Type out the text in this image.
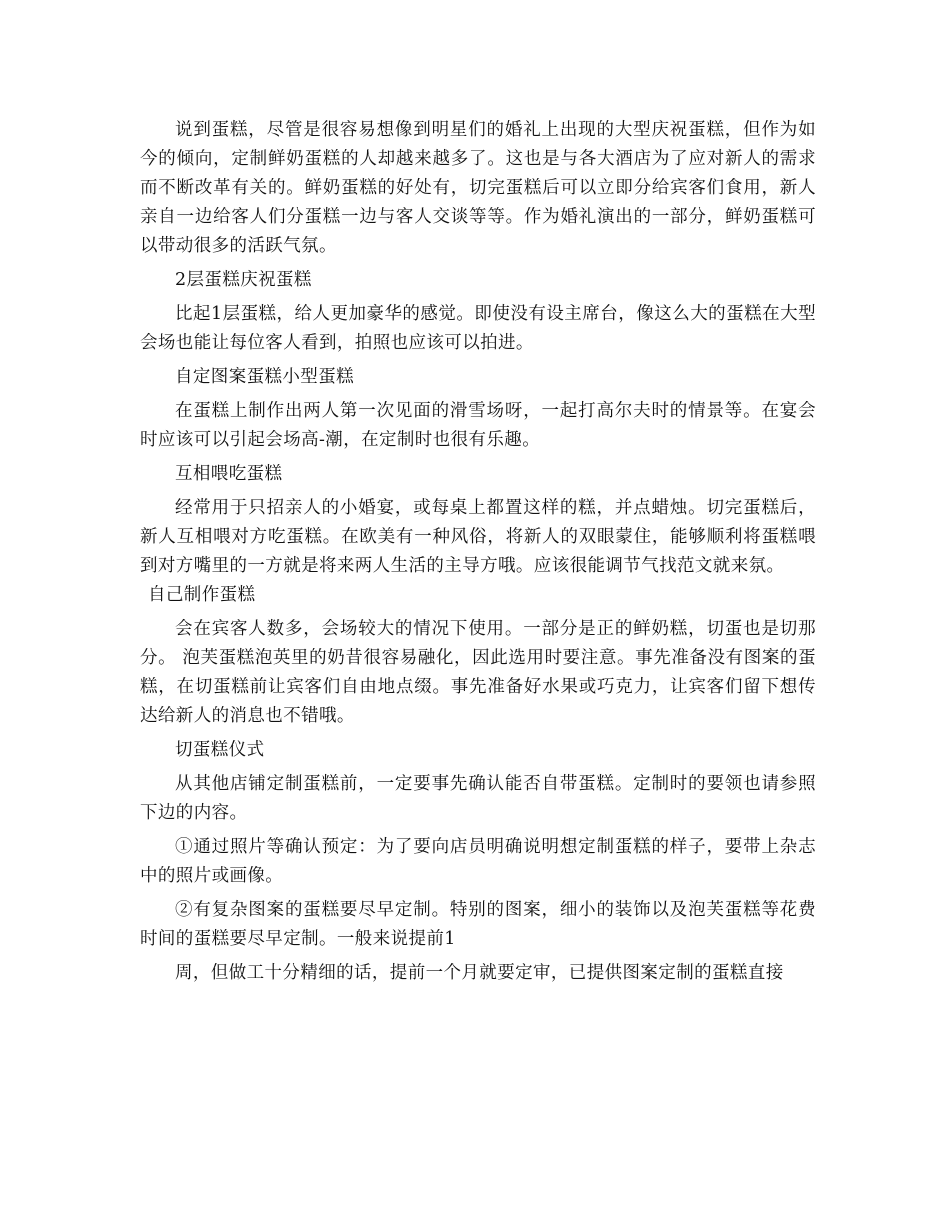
说到蛋糕，尽管是很容易想像到明星们的婚礼上出现的大型庆祝蛋糕，但作为如今的倾向，定制鲜奶蛋糕的人却越来越多了。这也是与各大酒店为了应对新人的需求而不断改革有关的。鲜奶蛋糕的好处有，切完蛋糕后可以立即分给宾客们食用，新人亲自一边给客人们分蛋糕一边与客人交谈等等。作为婚礼演出的一部分，鲜奶蛋糕可以带动很多的活跃气氛。

2层蛋糕庆祝蛋糕

比起1层蛋糕，给人更加豪华的感觉。即使没有设主席台，像这么大的蛋糕在大型会场也能让每位客人看到，拍照也应该可以拍进。

自定图案蛋糕小型蛋糕

在蛋糕上制作出两人第一次见面的滑雪场呀，一起打高尔夫时的情景等。在宴会时应该可以引起会场高-潮，在定制时也很有乐趣。

互相喂吃蛋糕

经常用于只招亲人的小婚宴，或每桌上都置这样的糕，并点蜡烛。切完蛋糕后，新人互相喂对方吃蛋糕。在欧美有一种风俗，将新人的双眼蒙住，能够顺利将蛋糕喂到对方嘴里的一方就是将来两人生活的主导方哦。应该很能调节气找范文就来氛。

自己制作蛋糕

会在宾客人数多，会场较大的情况下使用。一部分是正的鲜奶糕，切蛋也是切那分。 泡芙蛋糕泡英里的奶昔很容易融化，因此选用时要注意。事先准备没有图案的蛋糕，在切蛋糕前让宾客们自由地点缀。事先准备好水果或巧克力，让宾客们留下想传达给新人的消息也不错哦。

切蛋糕仪式

从其他店铺定制蛋糕前，一定要事先确认能否自带蛋糕。定制时的要领也请参照下边的内容。

①通过照片等确认预定：为了要向店员明确说明想定制蛋糕的样子，要带上杂志中的照片或画像。

②有复杂图案的蛋糕要尽早定制。特别的图案，细小的装饰以及泡芙蛋糕等花费时间的蛋糕要尽早定制。一般来说提前1

周，但做工十分精细的话，提前一个月就要定审，已提供图案定制的蛋糕直接
